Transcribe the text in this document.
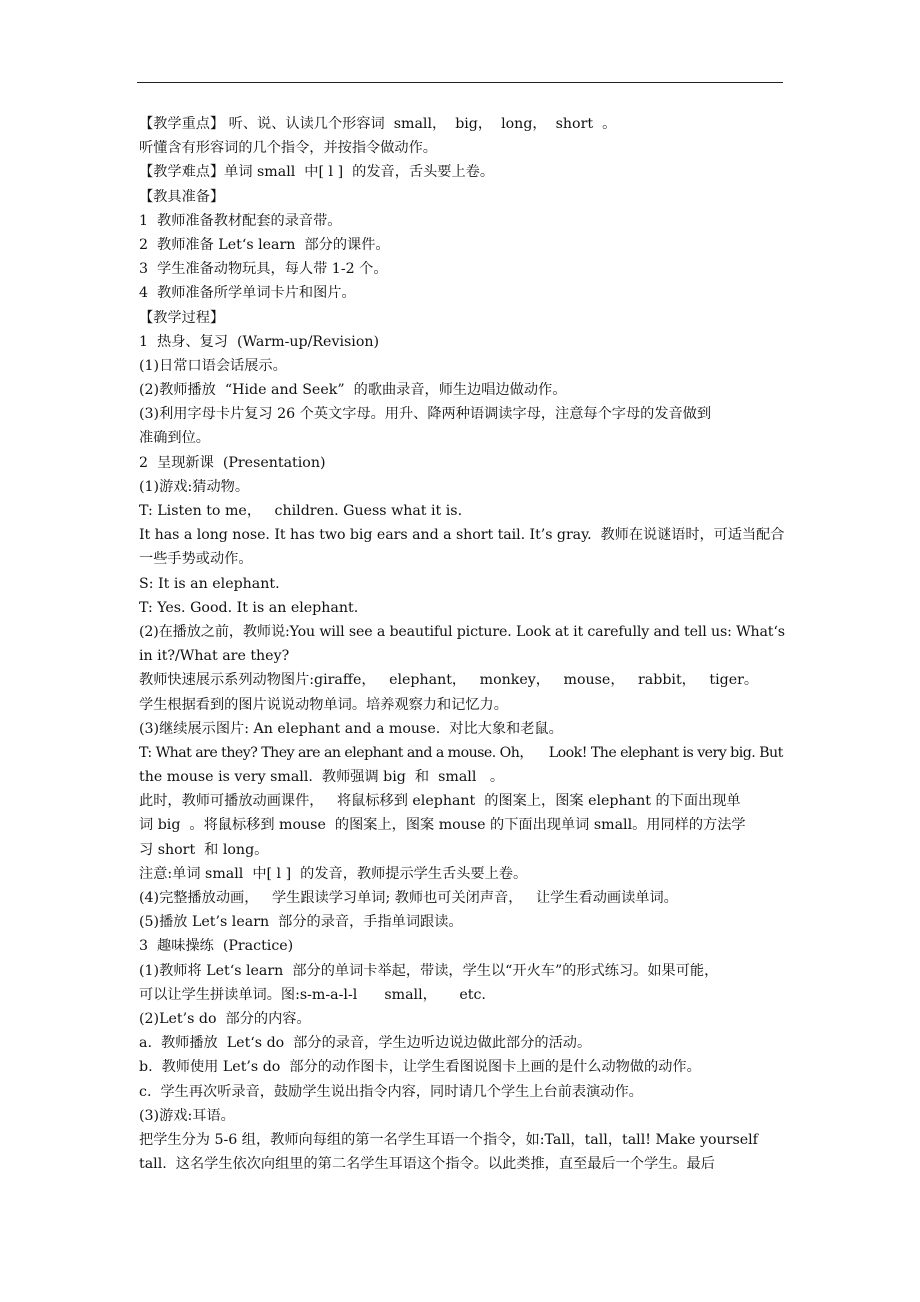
【教学重点】 听、说、认读几个形容词  small，  big，  long，  short  。
听懂含有形容词的几个指令，并按指令做动作。
【教学难点】单词 small  中[ l ]  的发音，舌头要上卷。
【教具准备】
1  教师准备教材配套的录音带。
2  教师准备 Let‘s learn  部分的课件。
3  学生准备动物玩具，每人带 1-2 个。
4  教师准备所学单词卡片和图片。
【教学过程】
1  热身、复习  (Warm-up/Revision)
(1)日常口语会话展示。
(2)教师播放  “Hide and Seek”  的歌曲录音，师生边唱边做动作。
(3)利用字母卡片复习 26 个英文字母。用升、降两种语调读字母，注意每个字母的发音做到
准确到位。
2  呈现新课  (Presentation)
(1)游戏:猜动物。
T: Listen to me，   children. Guess what it is.
It has a long nose. It has two big ears and a short tail. It’s gray.  教师在说谜语时，可适当配合
一些手势或动作。
S: It is an elephant.
T: Yes. Good. It is an elephant.
(2)在播放之前，教师说:You will see a beautiful picture. Look at it carefully and tell us: What‘s
in it?/What are they?
教师快速展示系列动物图片:giraffe，   elephant，   monkey，   mouse，   rabbit，   tiger。
学生根据看到的图片说说动物单词。培养观察力和记忆力。
(3)继续展示图片: An elephant and a mouse.  对比大象和老鼠。
T: What are they? They are an elephant and a mouse. Oh，    Look! The elephant is very big. But
the mouse is very small.  教师强调 big  和  small   。
此时，教师可播放动画课件，   将鼠标移到 elephant  的图案上，图案 elephant 的下面出现单
词 big  。将鼠标移到 mouse  的图案上，图案 mouse 的下面出现单词 small。用同样的方法学
习 short  和 long。
注意:单词 small  中[ l ]  的发音，教师提示学生舌头要上卷。
(4)完整播放动画，   学生跟读学习单词; 教师也可关闭声音，   让学生看动画读单词。
(5)播放 Let’s learn  部分的录音，手指单词跟读。
3  趣味操练  (Practice)
(1)教师将 Let‘s learn  部分的单词卡举起，带读，学生以“开火车”的形式练习。如果可能，
可以让学生拼读单词。图:s-m-a-l-l      small，     etc.
(2)Let’s do  部分的内容。
a.  教师播放  Let‘s do  部分的录音，学生边听边说边做此部分的活动。
b.  教师使用 Let’s do  部分的动作图卡，让学生看图说图卡上画的是什么动物做的动作。
c.  学生再次听录音，鼓励学生说出指令内容，同时请几个学生上台前表演动作。
(3)游戏:耳语。
把学生分为 5-6 组，教师向每组的第一名学生耳语一个指令，如:Tall，tall，tall! Make yourself
tall.  这名学生依次向组里的第二名学生耳语这个指令。以此类推，直至最后一个学生。最后
